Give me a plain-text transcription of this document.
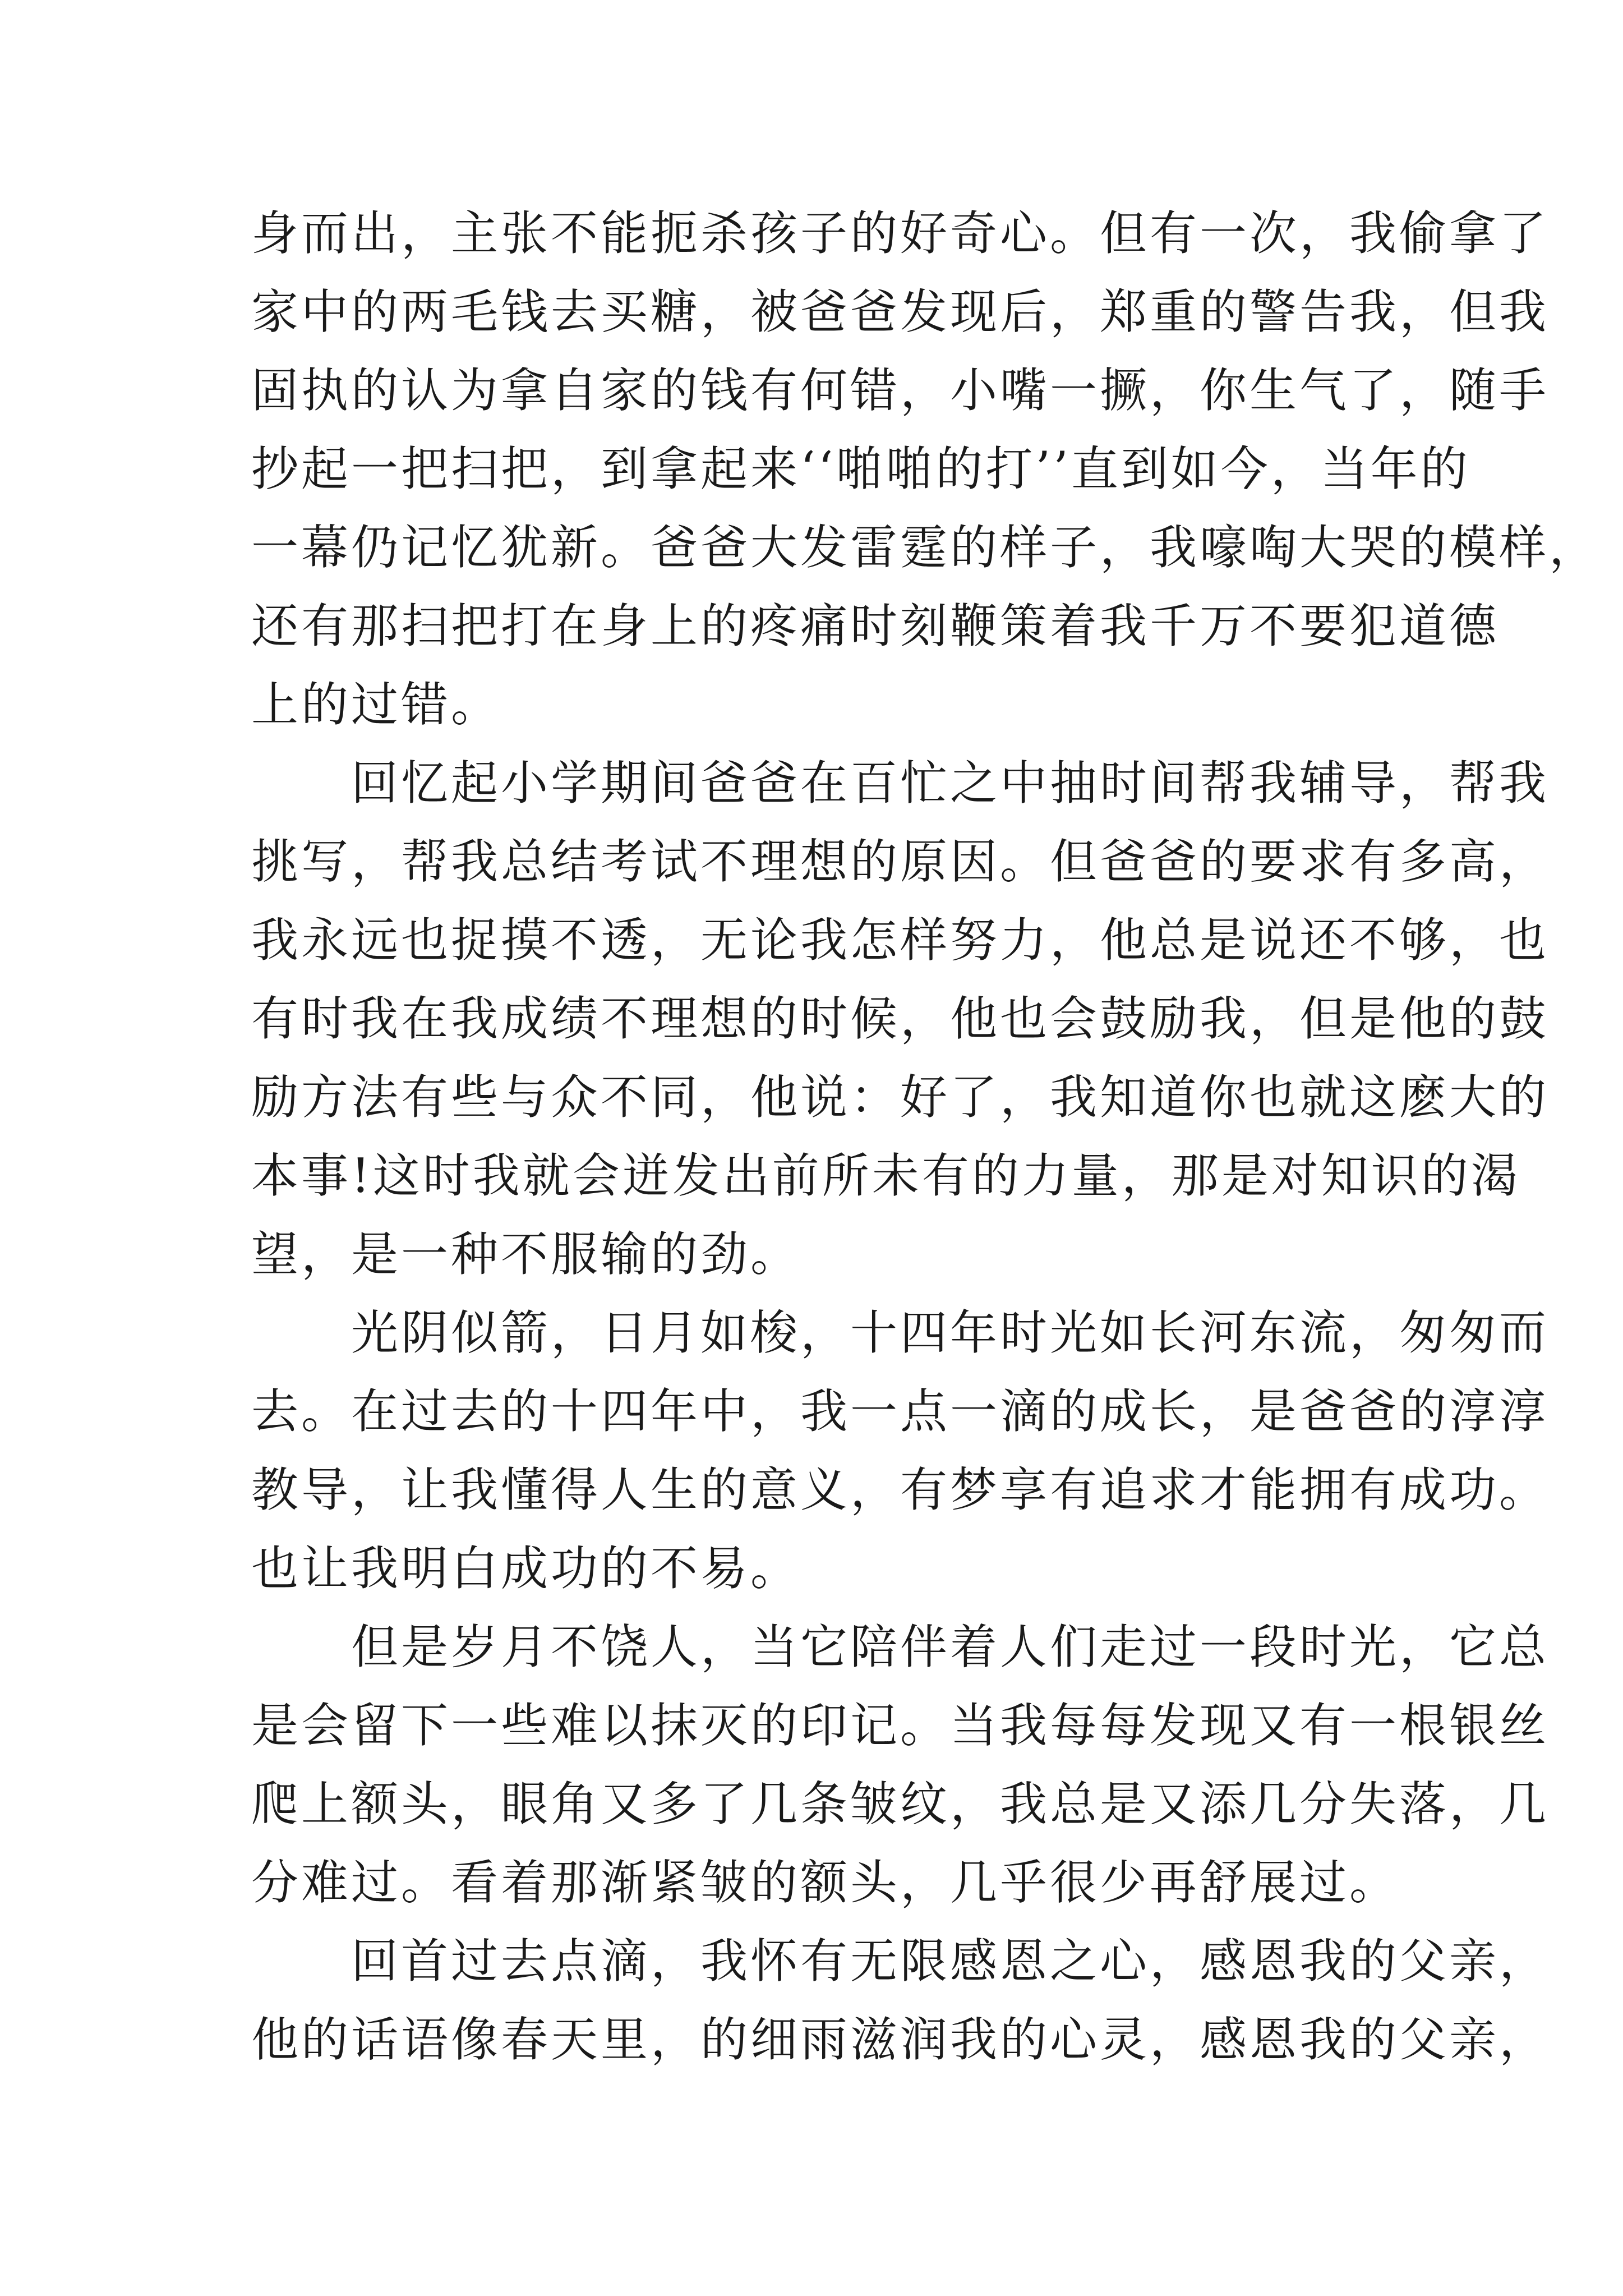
身而出，主张不能扼杀孩子的好奇心。但有一次，我偷拿了
家中的两毛钱去买糖，被爸爸发现后，郑重的警告我，但我
固执的认为拿自家的钱有何错，小嘴一撅，你生气了，随手
抄起一把扫把，到拿起来‘‘啪啪的打’’直到如今，当年的
一幕仍记忆犹新。爸爸大发雷霆的样子，我嚎啕大哭的模样，
还有那扫把打在身上的疼痛时刻鞭策着我千万不要犯道德
上的过错。

　　回忆起小学期间爸爸在百忙之中抽时间帮我辅导，帮我
挑写，帮我总结考试不理想的原因。但爸爸的要求有多高，
我永远也捉摸不透，无论我怎样努力，他总是说还不够，也
有时我在我成绩不理想的时候，他也会鼓励我，但是他的鼓
励方法有些与众不同，他说：好了，我知道你也就这麽大的
本事!这时我就会迸发出前所未有的力量，那是对知识的渴
望，是一种不服输的劲。

　　光阴似箭，日月如梭，十四年时光如长河东流，匆匆而
去。在过去的十四年中，我一点一滴的成长，是爸爸的淳淳
教导，让我懂得人生的意义，有梦享有追求才能拥有成功。
也让我明白成功的不易。

　　但是岁月不饶人，当它陪伴着人们走过一段时光，它总
是会留下一些难以抹灭的印记。当我每每发现又有一根银丝
爬上额头，眼角又多了几条皱纹，我总是又添几分失落，几
分难过。看着那渐紧皱的额头，几乎很少再舒展过。

　　回首过去点滴，我怀有无限感恩之心，感恩我的父亲，
他的话语像春天里，的细雨滋润我的心灵，感恩我的父亲，
